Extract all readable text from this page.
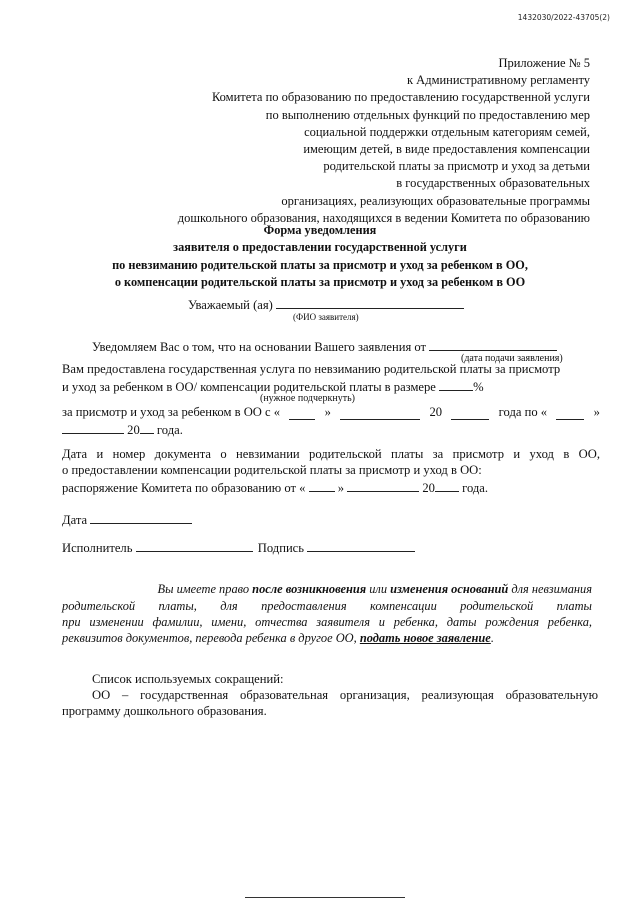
1432030/2022-43705(2)
Приложение № 5
к Административному регламенту
Комитета по образованию по предоставлению государственной услуги
по выполнению отдельных функций по предоставлению мер
социальной поддержки отдельным категориям семей,
имеющим детей, в виде предоставления компенсации
родительской платы за присмотр и уход за детьми
в государственных образовательных
организациях, реализующих образовательные программы
дошкольного образования, находящихся в ведении Комитета по образованию
Форма уведомления
заявителя о предоставлении государственной услуги
по невзиманию родительской платы за присмотр и уход за ребенком в ОО,
о компенсации родительской платы за присмотр и уход за ребенком в ОО
Уважаемый (ая)
(ФИО заявителя)
Уведомляем Вас о том, что на основании Вашего заявления от
(дата подачи заявления)
Вам предоставлена государственная услуга по невзиманию родительской платы за присмотр
и уход за ребенком в ОО/ компенсации родительской платы в размере	%
(нужное подчеркнуть)
за присмотр и уход за ребенком в ОО с «	»	20	года по «	»
20 года.
Дата и номер документа о невзимании родительской платы за присмотр и уход в ОО,
о предоставлении компенсации родительской платы за присмотр и уход в ОО:
распоряжение Комитета по образованию от «	»	20 года.
Дата
Исполнитель	Подпись
Вы имеете право после возникновения или изменения оснований для невзимания
родительской платы, для предоставления компенсации родительской платы
при изменении фамилии, имени, отчества заявителя и ребенка, даты рождения ребенка,
реквизитов документов, перевода ребенка в другое ОО, подать новое заявление.
Список используемых сокращений:
ОО – государственная образовательная организация, реализующая образовательную
программу дошкольного образования.
